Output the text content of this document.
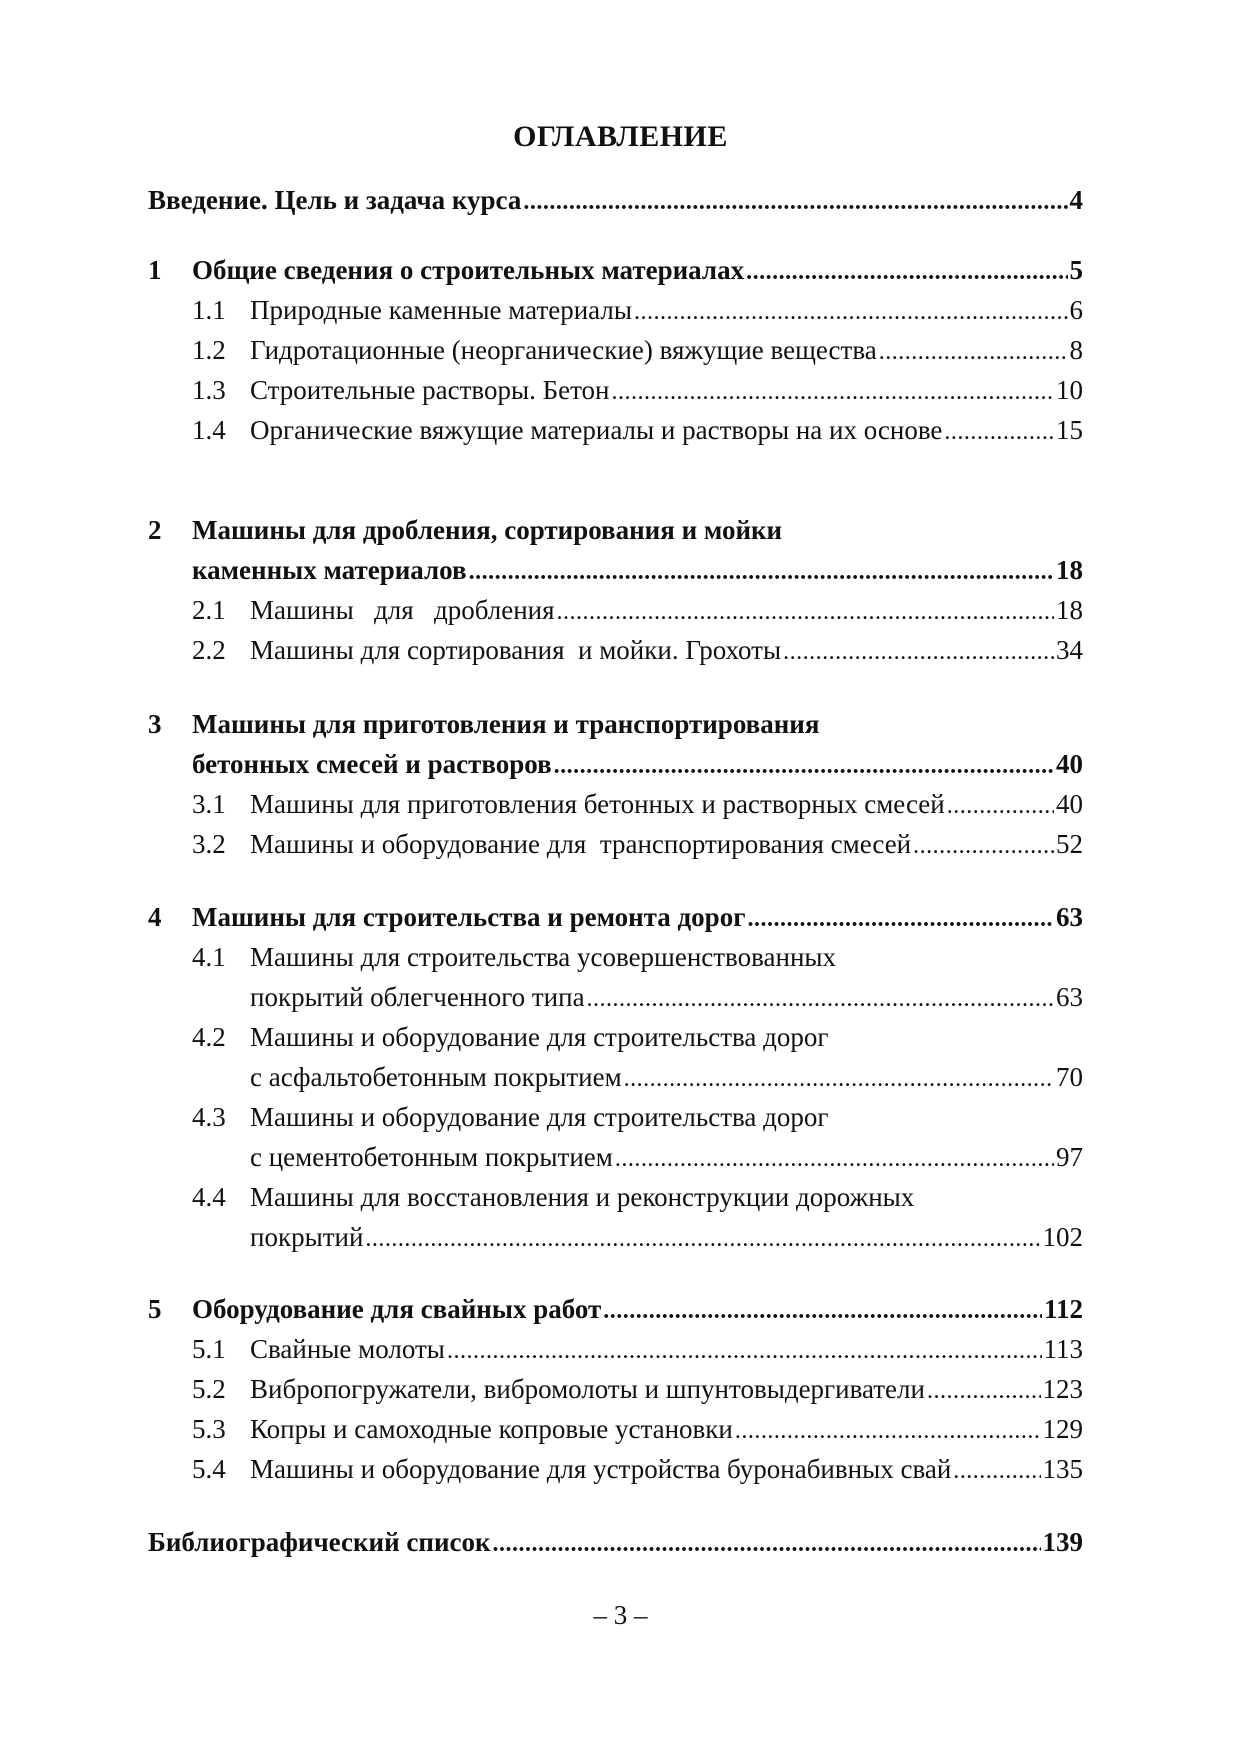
ОГЛАВЛЕНИЕ
Введение. Цель и задача курса .....	4
1 Общие сведения о строительных материалах .....	5
1.1 Природные каменные материалы .....	6
1.2 Гидротационные (неорганические) вяжущие вещества .....	8
1.3 Строительные растворы. Бетон .....	10
1.4 Органические вяжущие материалы и растворы на их основе .....	15
2 Машины для дробления, сортирования и мойки
каменных материалов .....	18
2.1 Машины   для   дробления .....	18
2.2 Машины для сортирования  и мойки. Грохоты .....	34
3 Машины для приготовления и транспортирования
бетонных смесей и растворов .....	40
3.1 Машины для приготовления бетонных и растворных смесей .....	40
3.2 Машины и оборудование для  транспортирования смесей .....	52
4 Машины для строительства и ремонта дорог .....	63
4.1 Машины для строительства усовершенствованных
покрытий облегченного типа .....	63
4.2 Машины и оборудование для строительства дорог
с асфальтобетонным покрытием .....	70
4.3 Машины и оборудование для строительства дорог
с цементобетонным покрытием .....	97
4.4 Машины для восстановления и реконструкции дорожных
покрытий .....	102
5 Оборудование для свайных работ .....	112
5.1 Свайные молоты .....	113
5.2 Вибропогружатели, вибромолоты и шпунтовыдергиватели .....	123
5.3 Копры и самоходные копровые установки .....	129
5.4 Машины и оборудование для устройства буронабивных свай .....	135
Библиографический список .....	139
– 3 –
